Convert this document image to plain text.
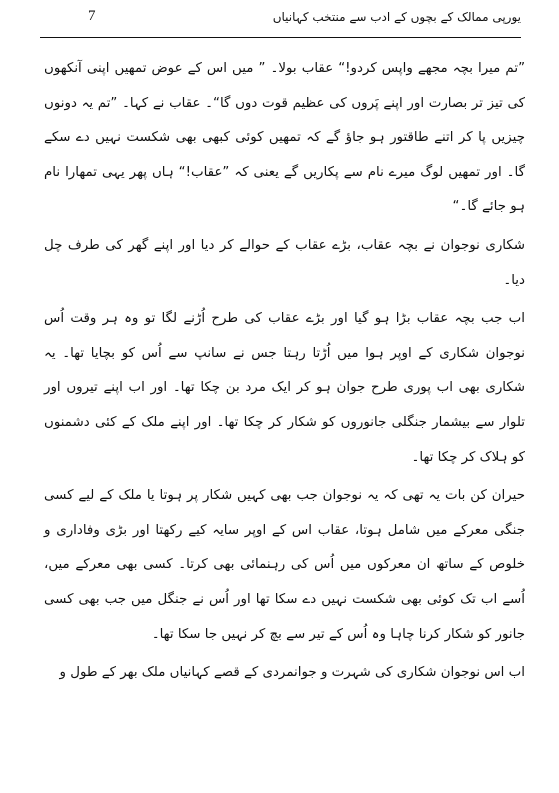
7	یورپی ممالک کے بچوں کے ادب سے منتخب کہانیاں

”تم میرا بچہ مجھے واپس کردو!“ عقاب بولا۔ ” میں اس کے عوض تمھیں اپنی آنکھوں کی تیز تر بصارت اور اپنے پَروں کی عظیم قوت دوں گا“۔ عقاب نے کہا۔ ”تم یہ دونوں چیزیں پا کر اتنے طاقتور ہو جاؤ گے کہ تمھیں کوئی کبھی بھی شکست نہیں دے سکے گا۔ اور تمھیں لوگ میرے نام سے پکاریں گے یعنی کہ ”عقاب!“ ہاں پھر یہی تمھارا نام ہو جائے گا۔“

شکاری نوجوان نے بچہ عقاب، بڑے عقاب کے حوالے کر دیا اور اپنے گھر کی طرف چل دیا۔

اب جب بچہ عقاب بڑا ہو گیا اور بڑے عقاب کی طرح اُڑنے لگا تو وہ ہر وقت اُس نوجوان شکاری کے اوپر ہوا میں اُڑتا رہتا جس نے سانپ سے اُس کو بچایا تھا۔ یہ شکاری بھی اب پوری طرح جوان ہو کر ایک مرد بن چکا تھا۔ اور اب اپنے تیروں اور تلوار سے بیشمار جنگلی جانوروں کو شکار کر چکا تھا۔ اور اپنے ملک کے کئی دشمنوں کو ہلاک کر چکا تھا۔

حیران کن بات یہ تھی کہ یہ نوجوان جب بھی کہیں شکار پر ہوتا یا ملک کے لیے کسی جنگی معرکے میں شامل ہوتا، عقاب اس کے اوپر سایہ کیے رکھتا اور بڑی وفاداری و خلوص کے ساتھ ان معرکوں میں اُس کی رہنمائی بھی کرتا۔ کسی بھی معرکے میں، اُسے اب تک کوئی بھی شکست نہیں دے سکا تھا اور اُس نے جنگل میں جب بھی کسی جانور کو شکار کرنا چاہا وہ اُس کے تیر سے بچ کر نہیں جا سکا تھا۔

اب اس نوجوان شکاری کی شہرت و جوانمردی کے قصے کہانیاں ملک بھر کے طول و
